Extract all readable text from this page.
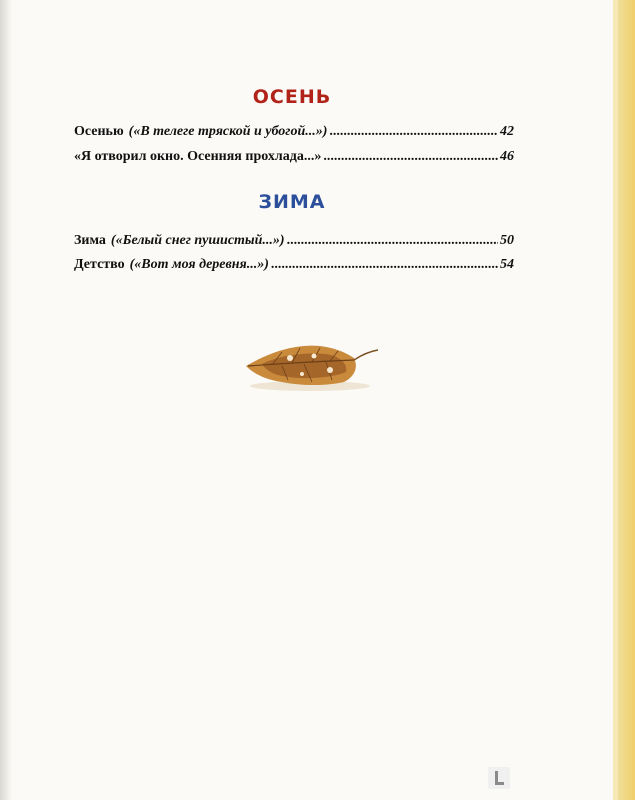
ОСЕНЬ
Осенью («В телеге тряской и убогой...») .....	42
«Я отворил окно. Осенняя прохлада...» .....	46
ЗИМА
Зима («Белый снег пушистый...») .....	50
Детство («Вот моя деревня...») .....	54
